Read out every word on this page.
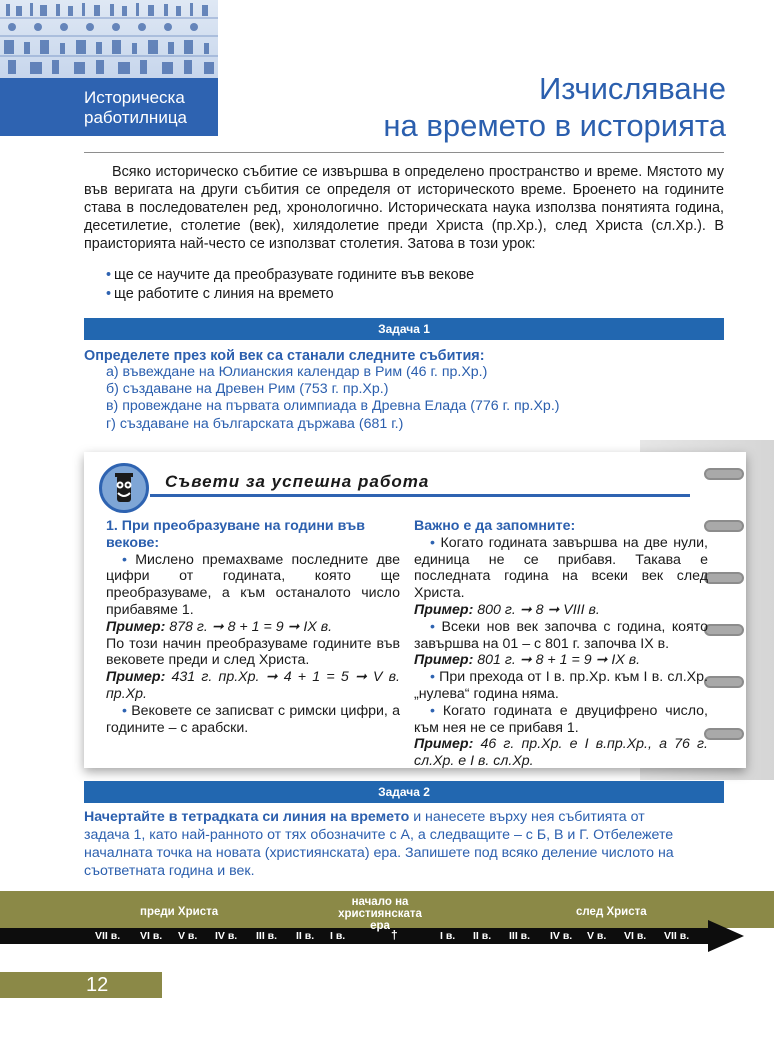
Историческа
работилница
Изчисляване
на времето в историята

Всяко историческо събитие се извършва в определено пространство и време. Мястото му във веригата на други събития се определя от историческото време. Броенето на годините става в последователен ред, хронологично. Историческата наука използва понятията година, десетилетие, столетие (век), хилядолетие преди Христа (пр.Хр.), след Христа (сл.Хр.). В праисторията най-често се използват столетия. Затова в този урок:

• ще се научите да преобразувате годините във векове
• ще работите с линия на времето
Задача 1
Определете през кой век са станали следните събития:
а) въвеждане на Юлианския календар в Рим (46 г. пр.Хр.)
б) създаване на Древен Рим (753 г. пр.Хр.)
в) провеждане на първата олимпиада в Древна Елада (776 г. пр.Хр.)
г) създаване на българската държава (681 г.)
Съвети за успешна работа
1. При преобразуване на години във векове:

• Мислено премахваме последните две цифри от годината, която ще преобразуваме, а към останалото число прибавяме 1.

Пример: 878 г. ➞ 8 + 1 = 9 ➞ IX в.

По този начин преобразуваме годините във вековете преди и след Христа.

Пример: 431 г. пр.Хр. ➞ 4 + 1 = 5 ➞ V в. пр.Хр.

• Вековете се записват с римски цифри, а годините – с арабски.

Важно е да запомните:

• Когато годината завършва на две нули, единица не се прибавя. Такава е последната година на всеки век след Христа.

Пример: 800 г. ➞ 8 ➞ VIII в.

• Всеки нов век започва с година, която завършва на 01 – с 801 г. започва IX в.

Пример: 801 г. ➞ 8 + 1 = 9 ➞ IX в.

• При прехода от I в. пр.Хр. към I в. сл.Хр. „нулева“ година няма.

• Когато годината е двуцифрено число, към нея не се прибавя 1.

Пример: 46 г. пр.Хр. е I в.пр.Хр., а 76 г. сл.Хр. е I в. сл.Хр.

Задача 2

Начертайте в тетрадката си линия на времето и нанесете върху нея събитията от задача 1, като най-ранното от тях обозначите с А, а следващите – с Б, В и Г. Отбележете началната точка на новата (християнската) ера. Запишете под всяко деление числото на съответната година и век.

преди Христа
начало на
християнската ера
след Христа
VII в. VI в. V в. IV в. III в. II в. I в.	†	I в. II в. III в. IV в. V в. VI в. VII в.
12
